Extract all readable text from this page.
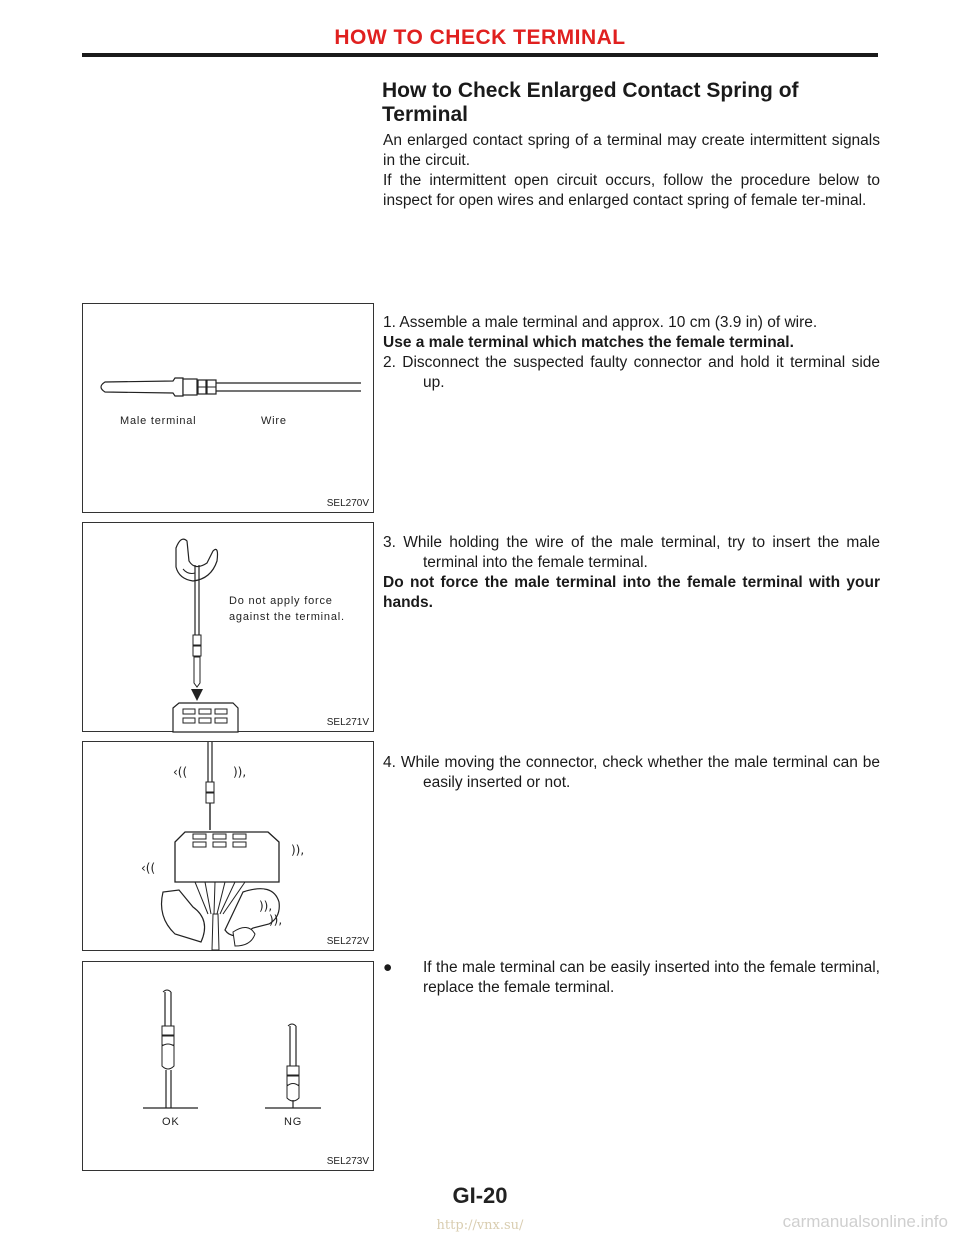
HOW TO CHECK TERMINAL
How to Check Enlarged Contact Spring of Terminal

An enlarged contact spring of a terminal may create intermittent signals in the circuit.

If the intermittent open circuit occurs, follow the procedure below to inspect for open wires and enlarged contact spring of female ter-minal.

Male terminal	Wire
SEL270V

1. Assemble a male terminal and approx. 10 cm (3.9 in) of wire.

Use a male terminal which matches the female terminal.

2. Disconnect the suspected faulty connector and hold it terminal side up.

Do not apply force
against the terminal.
SEL271V

3. While holding the wire of the male terminal, try to insert the male terminal into the female terminal.

Do not force the male terminal into the female terminal with your hands.

‹((	)),
‹((
)),
)),
)),
SEL272V

4. While moving the connector, check whether the male terminal can be easily inserted or not.

OK	NG
SEL273V

● If the male terminal can be easily inserted into the female terminal, replace the female terminal.

GI-20
http://vnx.su/	carmanualsonline.info
